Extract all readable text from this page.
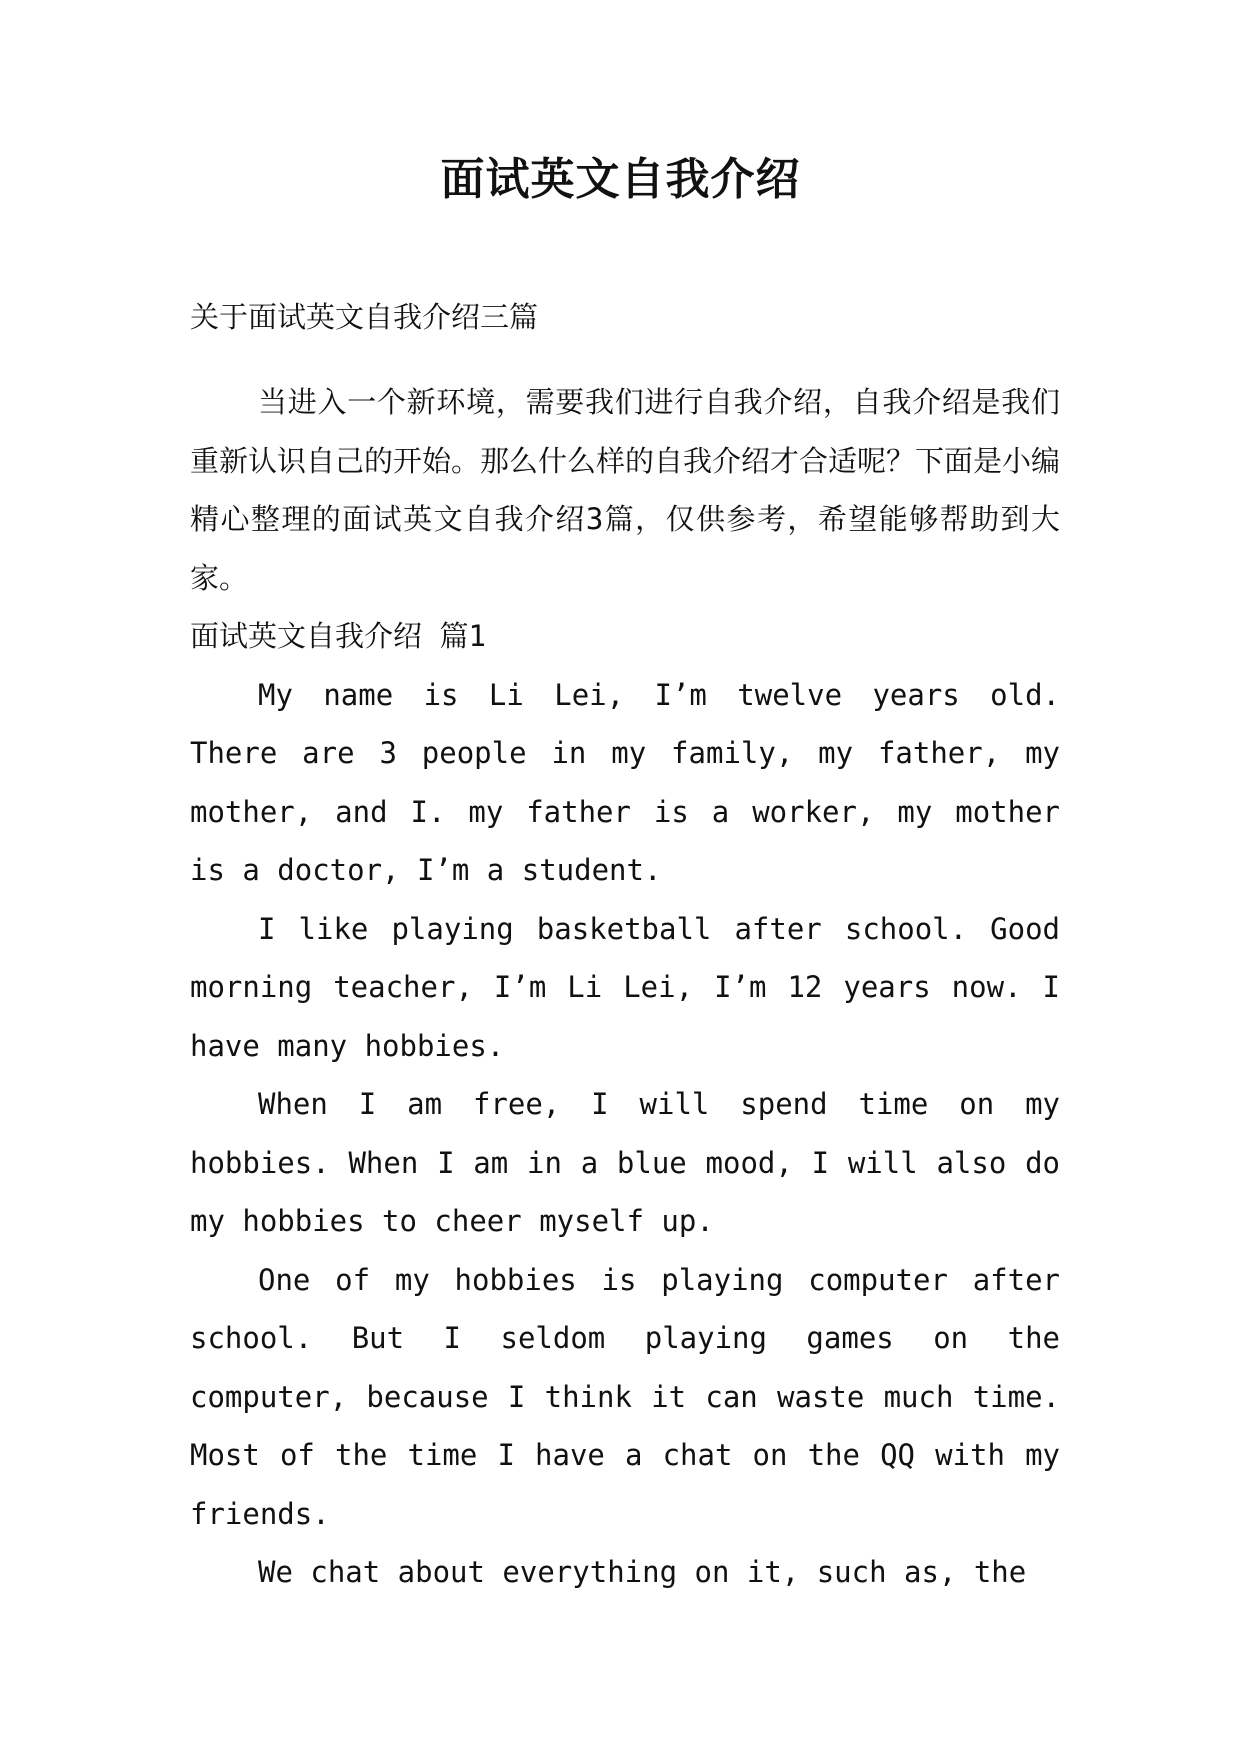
面试英文自我介绍
关于面试英文自我介绍三篇

当进入一个新环境，需要我们进行自我介绍，自我介绍是我们重新认识自己的开始。那么什么样的自我介绍才合适呢？下面是小编精心整理的面试英文自我介绍3篇，仅供参考，希望能够帮助到大家。

面试英文自我介绍 篇1

My name is Li Lei, I’m twelve years old. There are 3 people in my family, my father, my mother, and I. my father is a worker, my mother is a doctor, I’m a student.

I like playing basketball after school. Good morning teacher, I’m Li Lei, I’m 12 years now. I have many hobbies.

When I am free, I will spend time on my hobbies. When I am in a blue mood, I will also do my hobbies to cheer myself up.

One of my hobbies is playing computer after school. But I seldom playing games on the computer, because I think it can waste much time. Most of the time I have a chat on the QQ with my friends.

We chat about everything on it, such as, the
